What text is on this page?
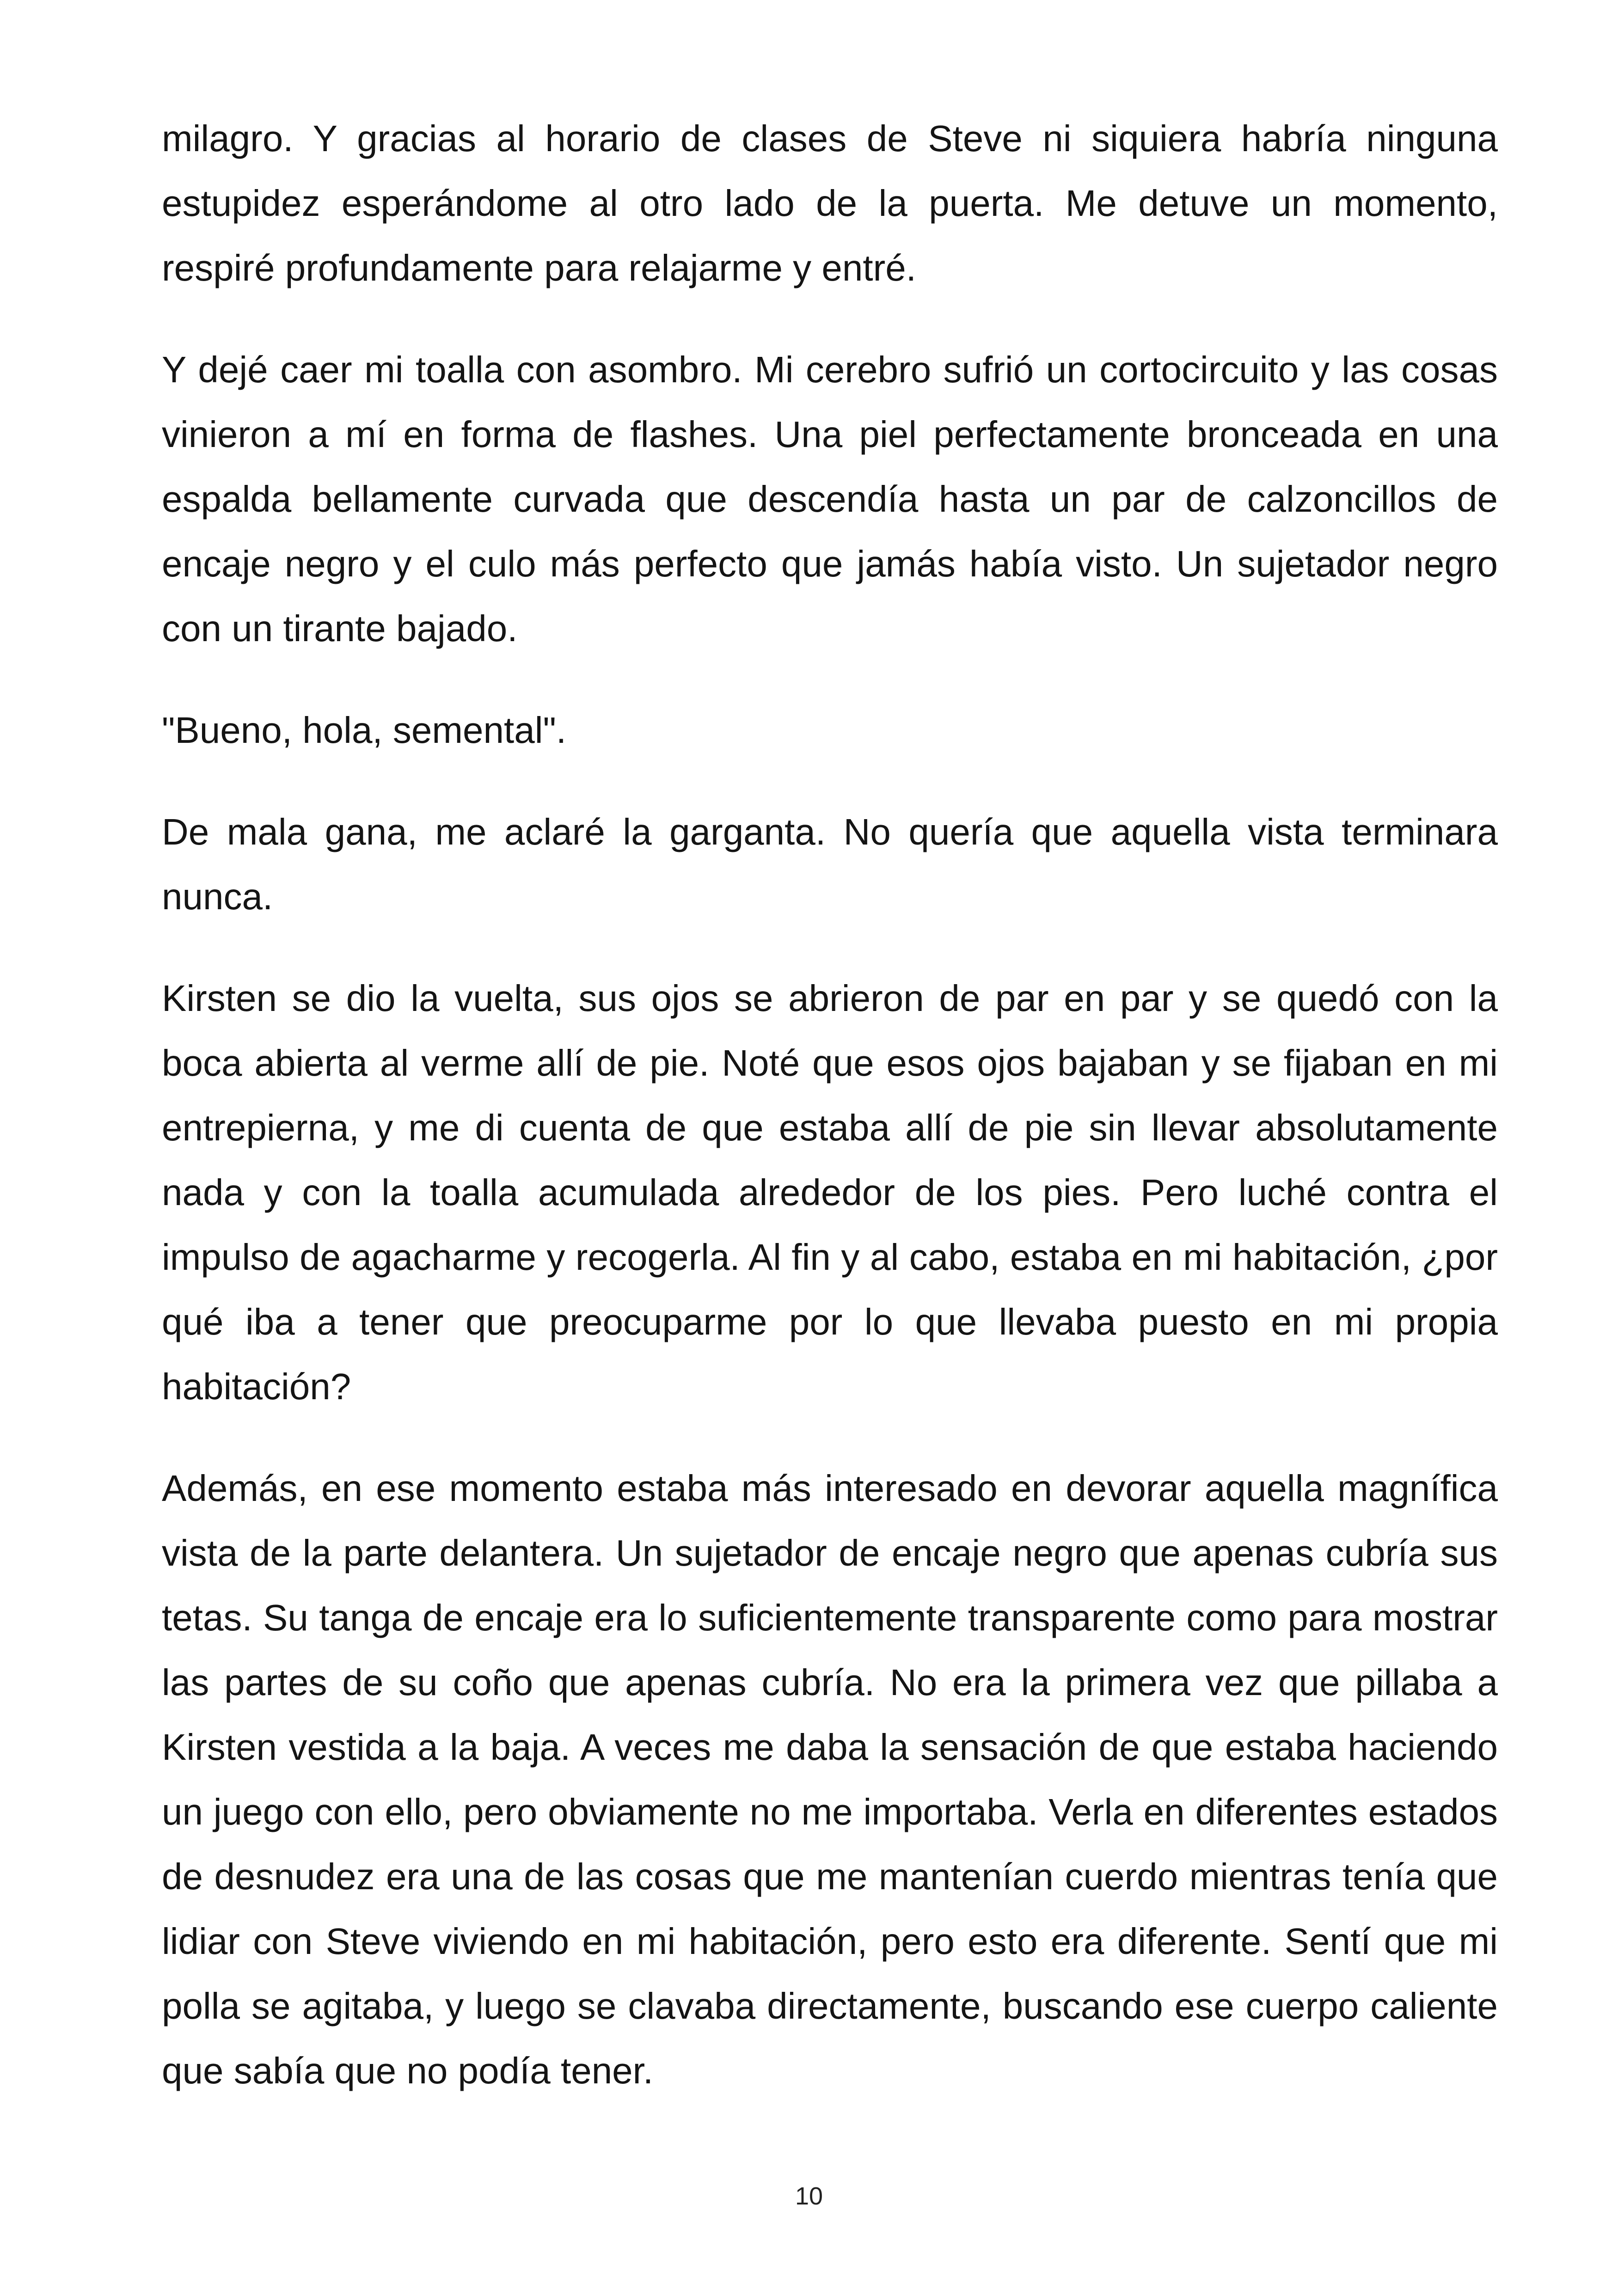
milagro. Y gracias al horario de clases de Steve ni siquiera habría ninguna estupidez esperándome al otro lado de la puerta. Me detuve un momento, respiré profundamente para relajarme y entré.

Y dejé caer mi toalla con asombro. Mi cerebro sufrió un cortocircuito y las cosas vinieron a mí en forma de flashes. Una piel perfectamente bronceada en una espalda bellamente curvada que descendía hasta un par de calzoncillos de encaje negro y el culo más perfecto que jamás había visto. Un sujetador negro con un tirante bajado.

"Bueno, hola, semental".

De mala gana, me aclaré la garganta. No quería que aquella vista terminara nunca.

Kirsten se dio la vuelta, sus ojos se abrieron de par en par y se quedó con la boca abierta al verme allí de pie. Noté que esos ojos bajaban y se fijaban en mi entrepierna, y me di cuenta de que estaba allí de pie sin llevar absolutamente nada y con la toalla acumulada alrededor de los pies. Pero luché contra el impulso de agacharme y recogerla. Al fin y al cabo, estaba en mi habitación, ¿por qué iba a tener que preocuparme por lo que llevaba puesto en mi propia habitación?

Además, en ese momento estaba más interesado en devorar aquella magnífica vista de la parte delantera. Un sujetador de encaje negro que apenas cubría sus tetas. Su tanga de encaje era lo suficientemente transparente como para mostrar las partes de su coño que apenas cubría. No era la primera vez que pillaba a Kirsten vestida a la baja. A veces me daba la sensación de que estaba haciendo un juego con ello, pero obviamente no me importaba. Verla en diferentes estados de desnudez era una de las cosas que me mantenían cuerdo mientras tenía que lidiar con Steve viviendo en mi habitación, pero esto era diferente. Sentí que mi polla se agitaba, y luego se clavaba directamente, buscando ese cuerpo caliente que sabía que no podía tener.

10
